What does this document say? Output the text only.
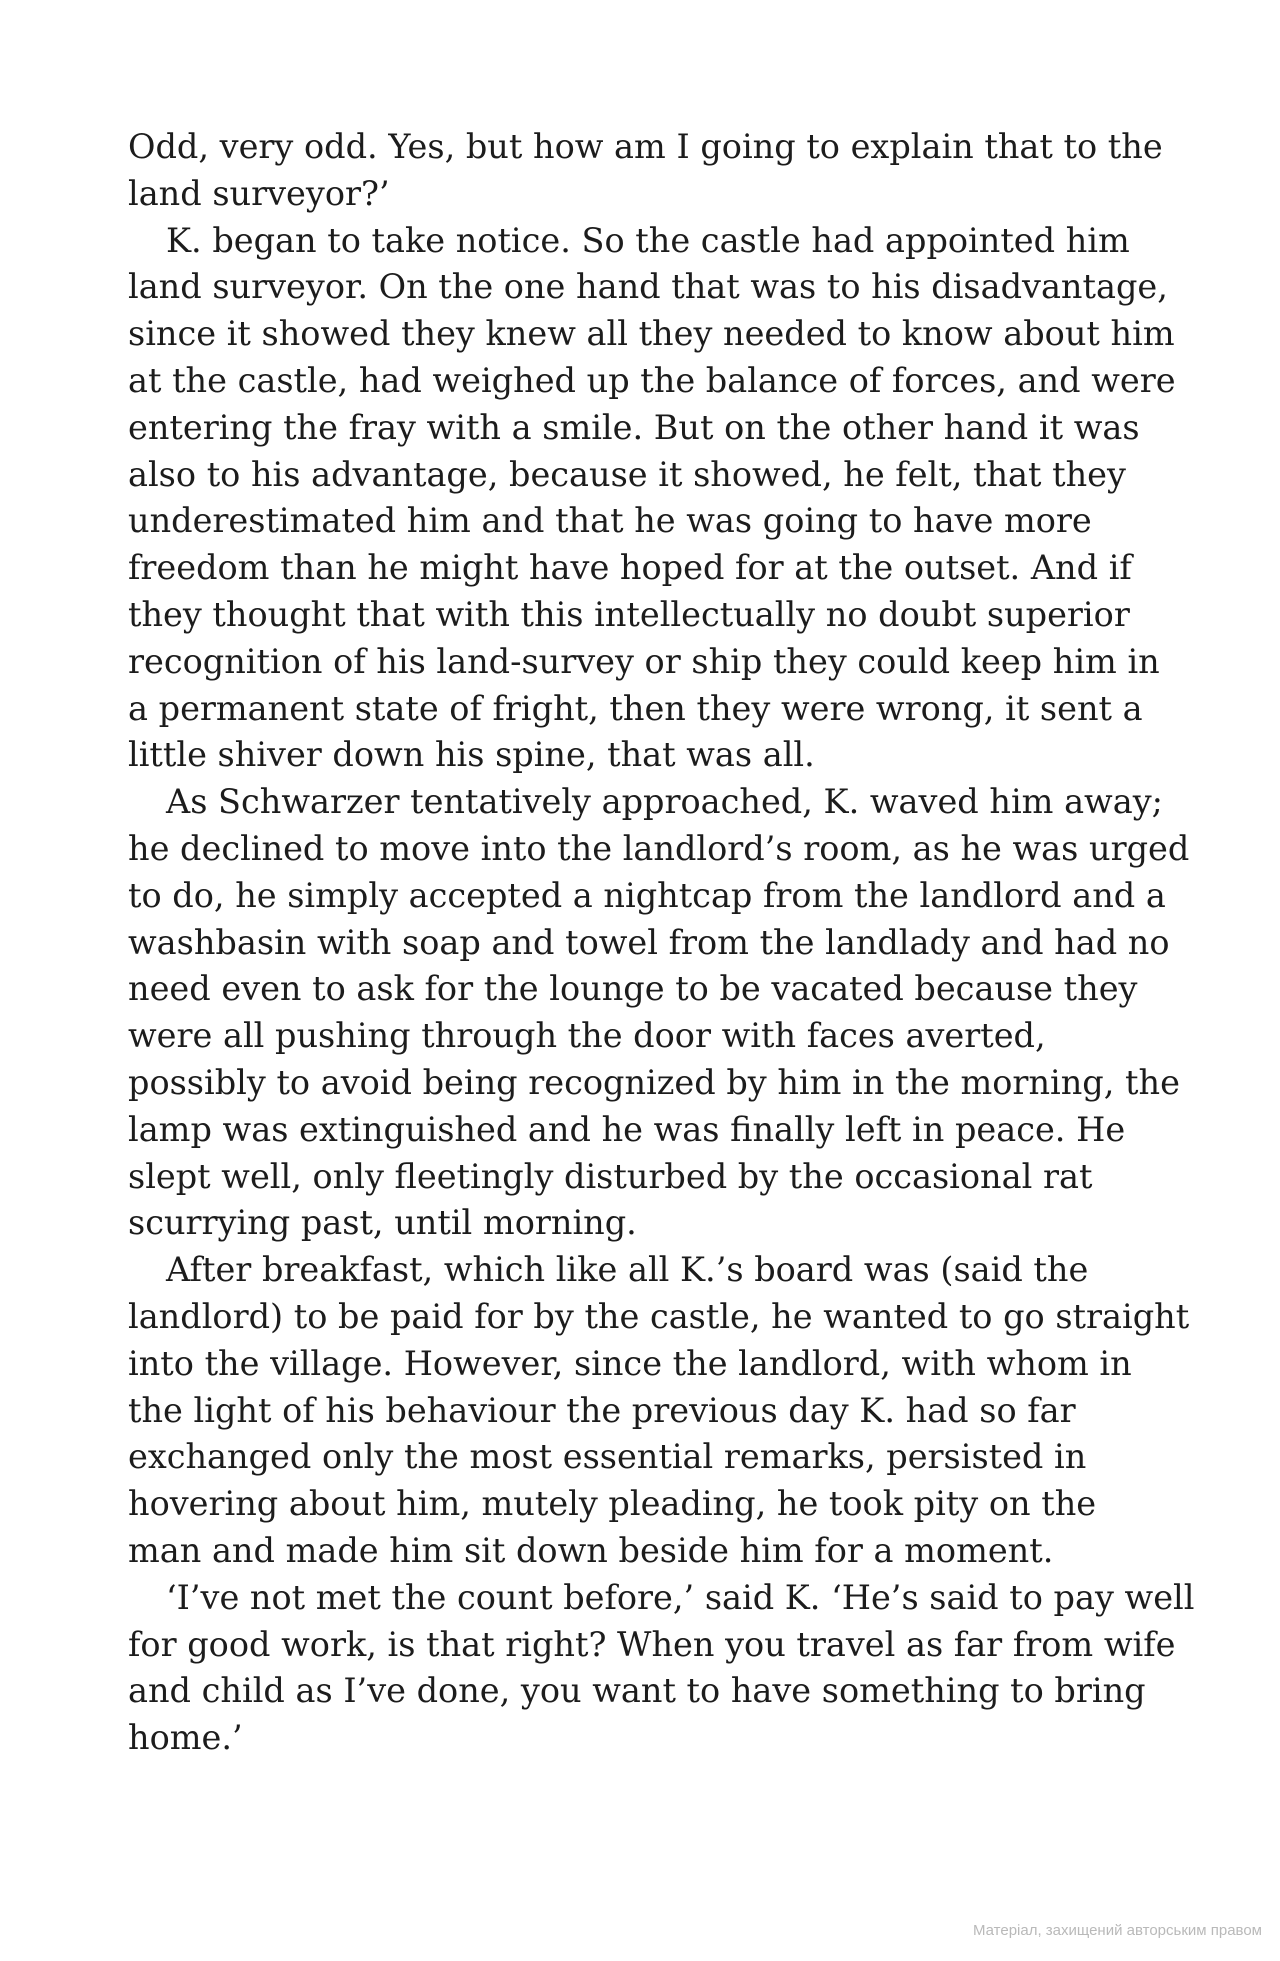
Odd, very odd. Yes, but how am I going to explain that to the
land surveyor?’
K. began to take notice. So the castle had appointed him
land surveyor. On the one hand that was to his disadvantage,
since it showed they knew all they needed to know about him
at the castle, had weighed up the balance of forces, and were
entering the fray with a smile. But on the other hand it was
also to his advantage, because it showed, he felt, that they
underestimated him and that he was going to have more
freedom than he might have hoped for at the outset. And if
they thought that with this intellectually no doubt superior
recognition of his land-survey or ship they could keep him in
a permanent state of fright, then they were wrong, it sent a
little shiver down his spine, that was all.
As Schwarzer tentatively approached, K. waved him away;
he declined to move into the landlord’s room, as he was urged
to do, he simply accepted a nightcap from the landlord and a
washbasin with soap and towel from the landlady and had no
need even to ask for the lounge to be vacated because they
were all pushing through the door with faces averted,
possibly to avoid being recognized by him in the morning, the
lamp was extinguished and he was finally left in peace. He
slept well, only fleetingly disturbed by the occasional rat
scurrying past, until morning.
After breakfast, which like all K.’s board was (said the
landlord) to be paid for by the castle, he wanted to go straight
into the village. However, since the landlord, with whom in
the light of his behaviour the previous day K. had so far
exchanged only the most essential remarks, persisted in
hovering about him, mutely pleading, he took pity on the
man and made him sit down beside him for a moment.
‘I’ve not met the count before,’ said K. ‘He’s said to pay well
for good work, is that right? When you travel as far from wife
and child as I’ve done, you want to have something to bring
home.’
Матеріал, захищений авторським правом
